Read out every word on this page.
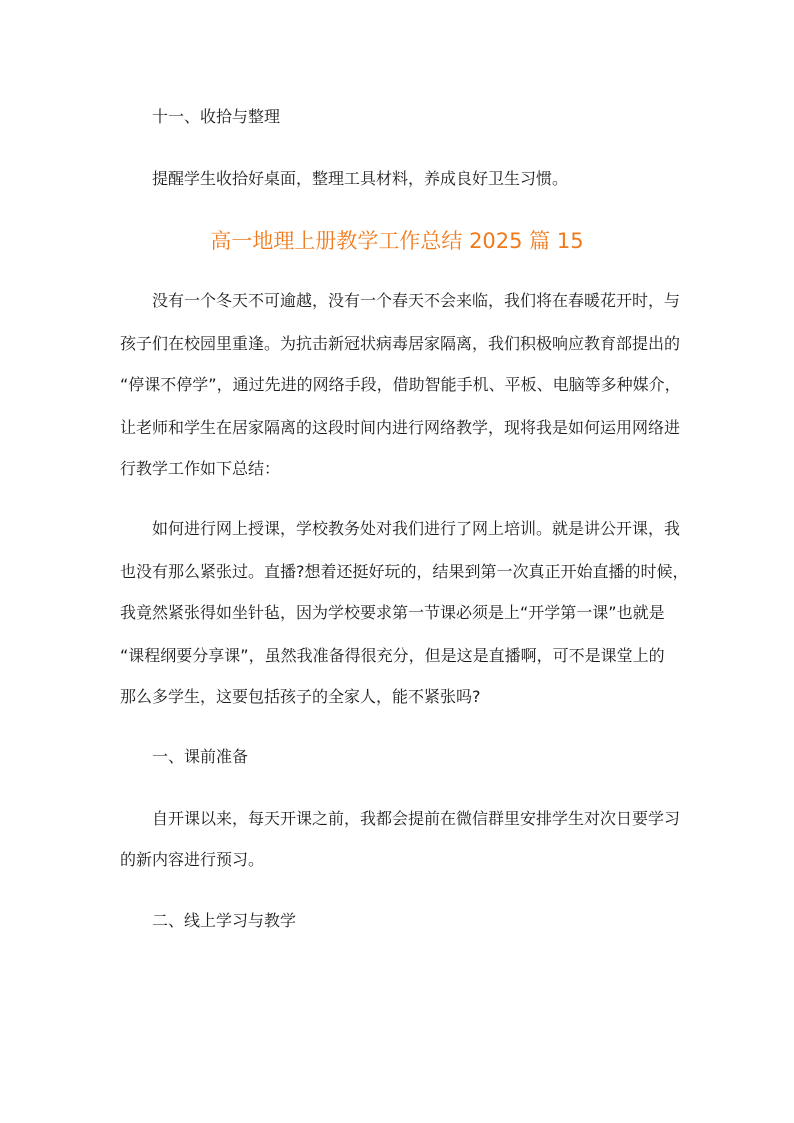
十一、收拾与整理
提醒学生收拾好桌面，整理工具材料，养成良好卫生习惯。
高一地理上册教学工作总结 2025 篇 15
没有一个冬天不可逾越，没有一个春天不会来临，我们将在春暖花开时，与
孩子们在校园里重逢。为抗击新冠状病毒居家隔离，我们积极响应教育部提出的
“停课不停学”，通过先进的网络手段，借助智能手机、平板、电脑等多种媒介，
让老师和学生在居家隔离的这段时间内进行网络教学，现将我是如何运用网络进
行教学工作如下总结：
如何进行网上授课，学校教务处对我们进行了网上培训。就是讲公开课，我
也没有那么紧张过。直播?想着还挺好玩的，结果到第一次真正开始直播的时候，
我竟然紧张得如坐针毡，因为学校要求第一节课必须是上“开学第一课”也就是
“课程纲要分享课”，虽然我准备得很充分，但是这是直播啊，可不是课堂上的
那么多学生，这要包括孩子的全家人，能不紧张吗?
一、课前准备
自开课以来，每天开课之前，我都会提前在微信群里安排学生对次日要学习
的新内容进行预习。
二、线上学习与教学
